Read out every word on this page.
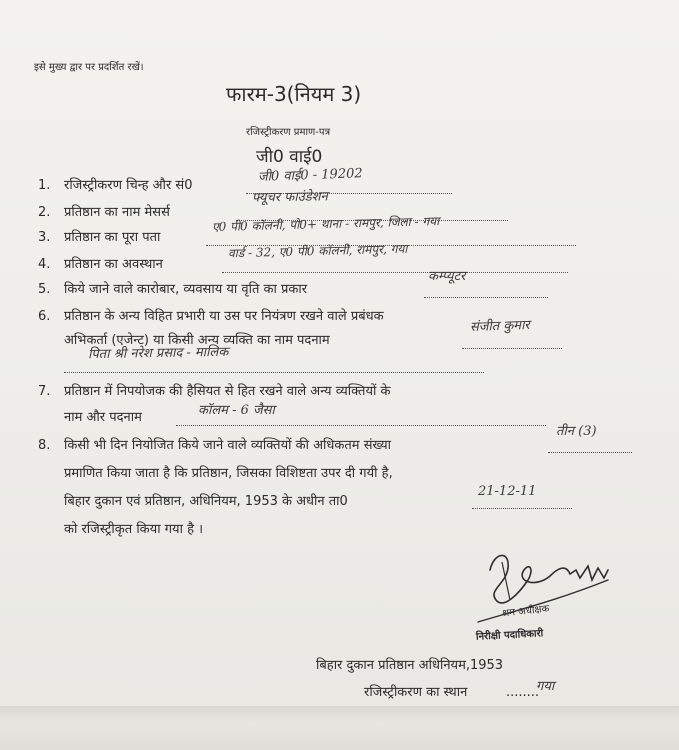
इसे मुख्य द्वार पर प्रदर्शित रखें।
फारम-3(नियम 3)
रजिस्ट्रीकरण प्रमाण-पत्र
जी0 वाई0
1. रजिस्ट्रीकरण चिन्ह और सं0
जी0 वाई0 - 19202
2. प्रतिष्ठान का नाम मेसर्स
फ्यूचर फाउंडेशन
3. प्रतिष्ठान का पूरा पता
ए0 पी0 कॉलनी, पो0+ थाना - रामपुर, जिला - गया
4. प्रतिष्ठान का अवस्थान
वार्ड - 32, ए0 पी0 कॉलनी, रामपुर, गया
5. किये जाने वाले कारोबार, व्यवसाय या वृति का प्रकार
कम्प्यूटर
6. प्रतिष्ठान के अन्य विहित प्रभारी या उस पर नियंत्रण रखने वाले प्रबंधक
अभिकर्ता (एजेन्ट) या किसी अन्य व्यक्ति का नाम पदनाम
संजीत कुमार
पिता श्री नरेश प्रसाद - मालिक
7. प्रतिष्ठान में निपयोजक की हैसियत से हित रखने वाले अन्य व्यक्तियों के
नाम और पदनाम	कॉलम - 6 जैसा
8. किसी भी दिन नियोजित किये जाने वाले व्यक्तियों की अधिकतम संख्या
तीन (3)
प्रमाणित किया जाता है कि प्रतिष्ठान, जिसका विशिष्टता उपर दी गयी है,
बिहार दुकान एवं प्रतिष्ठान, अधिनियम, 1953 के अधीन ता0
21-12-11
को रजिस्ट्रीकृत किया गया है ।
श्रम अधीक्षक
निरीक्षी पदाधिकारी
बिहार दुकान प्रतिष्ठान अधिनियम,1953
रजिस्ट्रीकरण का स्थान	........
गया
